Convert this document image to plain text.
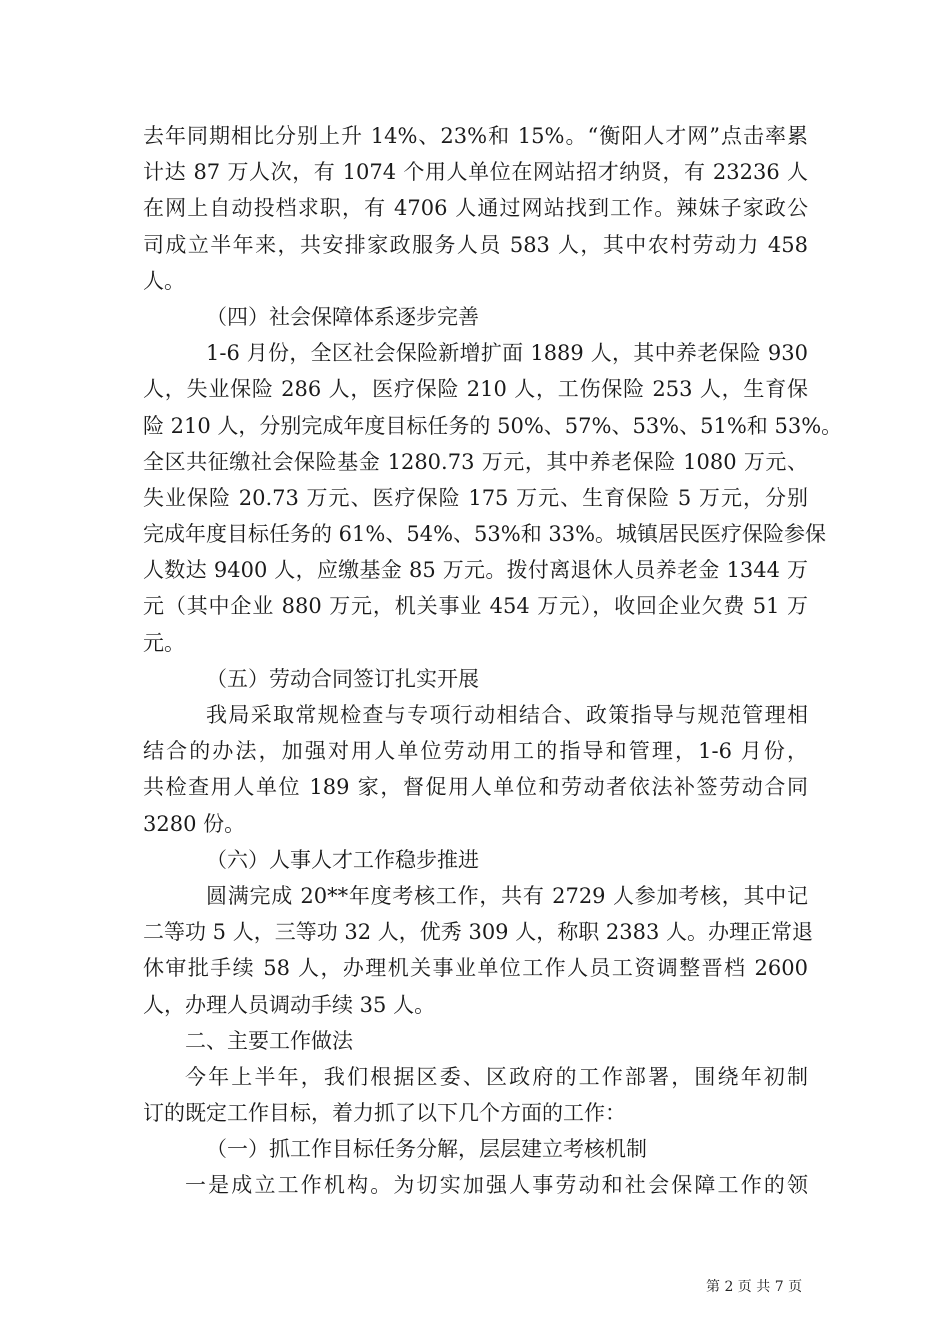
去年同期相比分别上升 14%、23%和 15%。“衡阳人才网”点击率累
计达 87 万人次，有 1074 个用人单位在网站招才纳贤，有 23236 人
在网上自动投档求职，有 4706 人通过网站找到工作。辣妹子家政公
司成立半年来，共安排家政服务人员 583 人，其中农村劳动力 458
人。
（四）社会保障体系逐步完善
1-6 月份，全区社会保险新增扩面 1889 人，其中养老保险 930
人，失业保险 286 人，医疗保险 210 人，工伤保险 253 人，生育保
险 210 人，分别完成年度目标任务的 50%、57%、53%、51%和 53%。
全区共征缴社会保险基金 1280.73 万元，其中养老保险 1080 万元、
失业保险 20.73 万元、医疗保险 175 万元、生育保险 5 万元，分别
完成年度目标任务的 61%、54%、53%和 33%。城镇居民医疗保险参保
人数达 9400 人，应缴基金 85 万元。拨付离退休人员养老金 1344 万
元（其中企业 880 万元，机关事业 454 万元），收回企业欠费 51 万
元。
（五）劳动合同签订扎实开展
我局采取常规检查与专项行动相结合、政策指导与规范管理相
结合的办法，加强对用人单位劳动用工的指导和管理，1-6 月份，
共检查用人单位 189 家，督促用人单位和劳动者依法补签劳动合同
3280 份。
（六）人事人才工作稳步推进
圆满完成 20**年度考核工作，共有 2729 人参加考核，其中记
二等功 5 人，三等功 32 人，优秀 309 人，称职 2383 人。办理正常退
休审批手续 58 人，办理机关事业单位工作人员工资调整晋档 2600
人，办理人员调动手续 35 人。
二、主要工作做法
今年上半年，我们根据区委、区政府的工作部署，围绕年初制
订的既定工作目标，着力抓了以下几个方面的工作：
（一）抓工作目标任务分解，层层建立考核机制
一是成立工作机构。为切实加强人事劳动和社会保障工作的领
第 2 页 共 7 页
